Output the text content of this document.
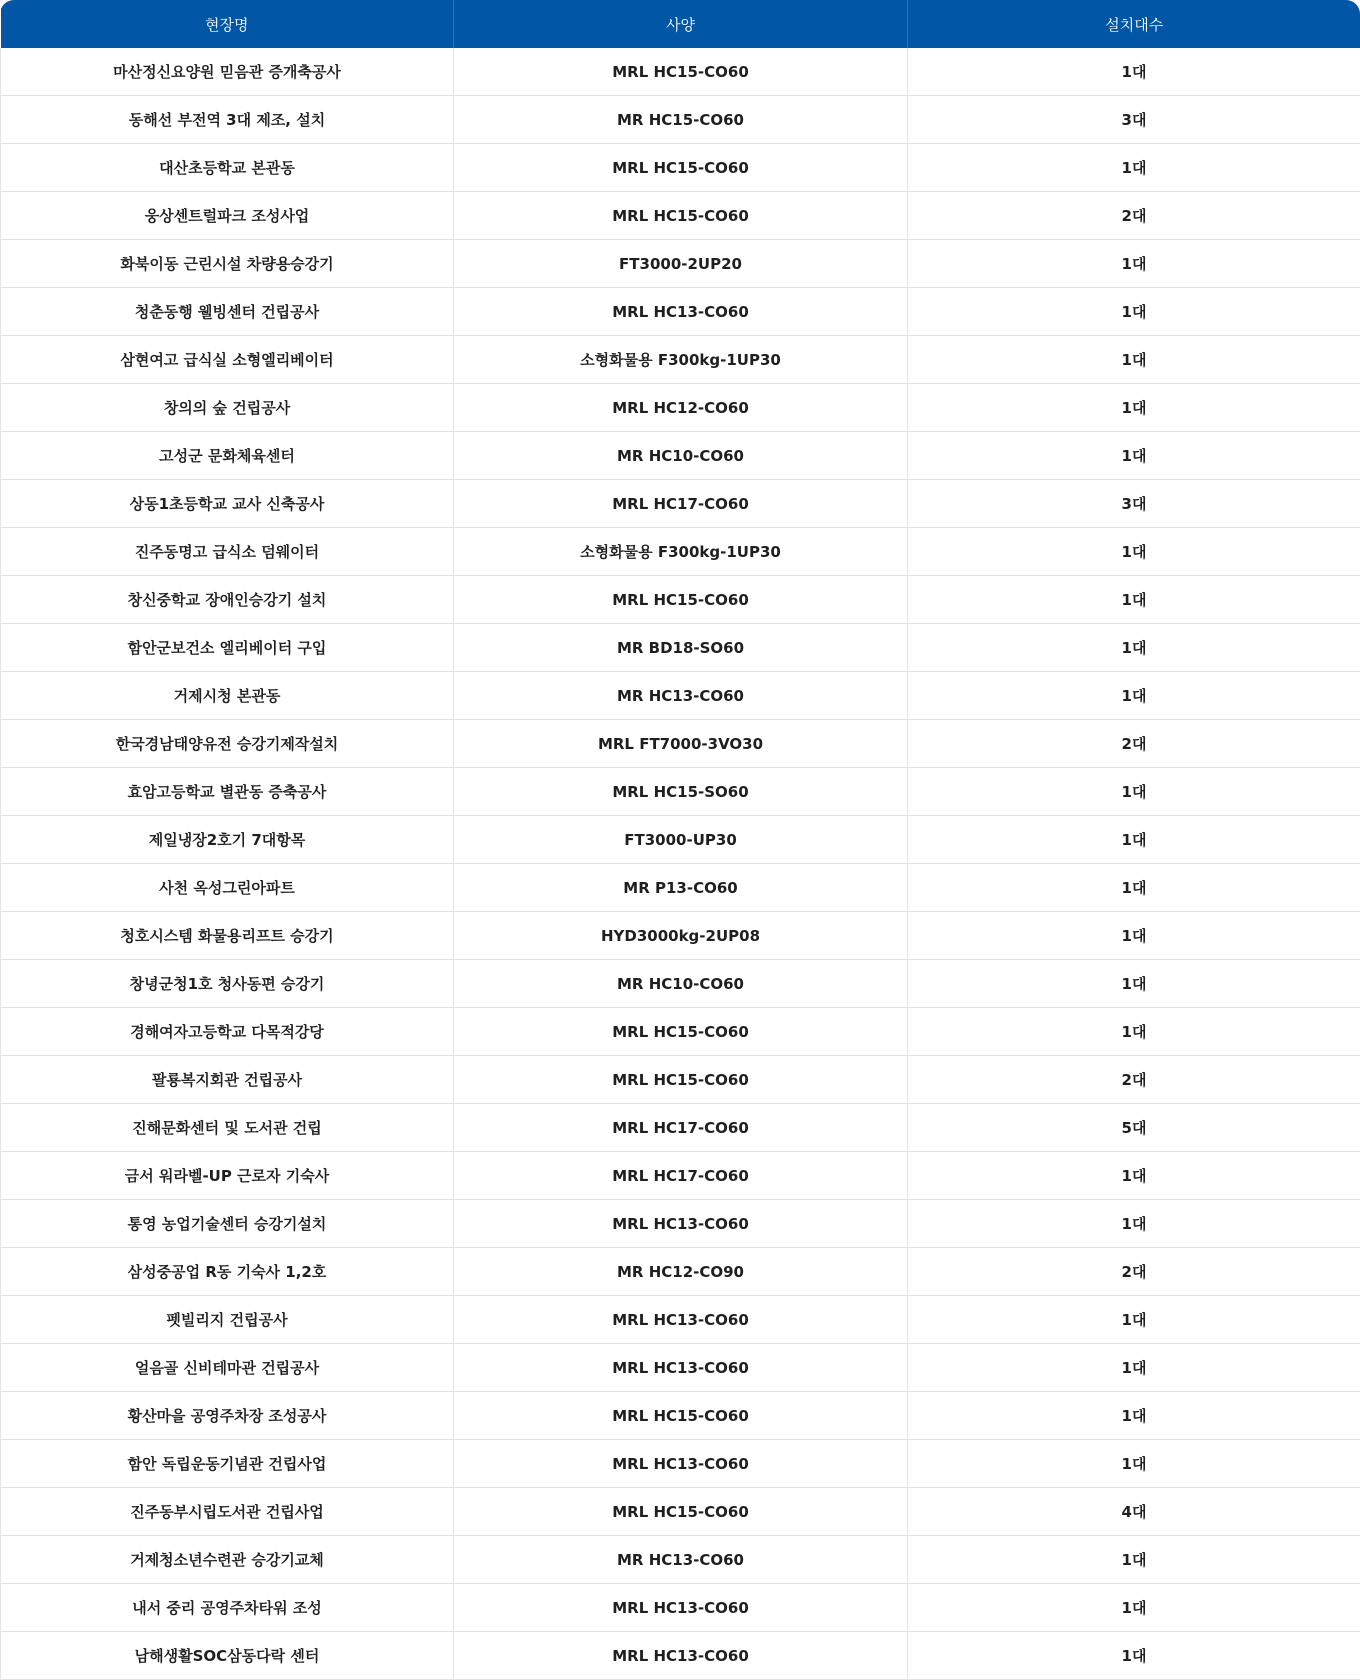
현장명	사양	설치대수
마산정신요양원 믿음관 증개축공사	MRL HC15-CO60	1대
동해선 부전역 3대 제조, 설치	MR HC15-CO60	3대
대산초등학교 본관동	MRL HC15-CO60	1대
웅상센트럴파크 조성사업	MRL HC15-CO60	2대
화북이동 근린시설 차량용승강기	FT3000-2UP20	1대
청춘동행 웰빙센터 건립공사	MRL HC13-CO60	1대
삼현여고 급식실 소형엘리베이터	소형화물용 F300kg-1UP30	1대
창의의 숲 건립공사	MRL HC12-CO60	1대
고성군 문화체육센터	MR HC10-CO60	1대
상동1초등학교 교사 신축공사	MRL HC17-CO60	3대
진주동명고 급식소 덤웨이터	소형화물용 F300kg-1UP30	1대
창신중학교 장애인승강기 설치	MRL HC15-CO60	1대
함안군보건소 엘리베이터 구입	MR BD18-SO60	1대
거제시청 본관동	MR HC13-CO60	1대
한국경남태양유전 승강기제작설치	MRL FT7000-3VO30	2대
효암고등학교 별관동 증축공사	MRL HC15-SO60	1대
제일냉장2호기 7대항목	FT3000-UP30	1대
사천 옥성그린아파트	MR P13-CO60	1대
청호시스템 화물용리프트 승강기	HYD3000kg-2UP08	1대
창녕군청1호 청사동편 승강기	MR HC10-CO60	1대
경해여자고등학교 다목적강당	MRL HC15-CO60	1대
팔룡복지회관 건립공사	MRL HC15-CO60	2대
진해문화센터 및 도서관 건립	MRL HC17-CO60	5대
금서 워라벨-UP 근로자 기숙사	MRL HC17-CO60	1대
통영 농업기술센터 승강기설치	MRL HC13-CO60	1대
삼성중공업 R동 기숙사 1,2호	MR HC12-CO90	2대
펫빌리지 건립공사	MRL HC13-CO60	1대
얼음골 신비테마관 건립공사	MRL HC13-CO60	1대
황산마을 공영주차장 조성공사	MRL HC15-CO60	1대
함안 독립운동기념관 건립사업	MRL HC13-CO60	1대
진주동부시립도서관 건립사업	MRL HC15-CO60	4대
거제청소년수련관 승강기교체	MR HC13-CO60	1대
내서 중리 공영주차타워 조성	MRL HC13-CO60	1대
남해생활SOC삼동다락 센터	MRL HC13-CO60	1대
